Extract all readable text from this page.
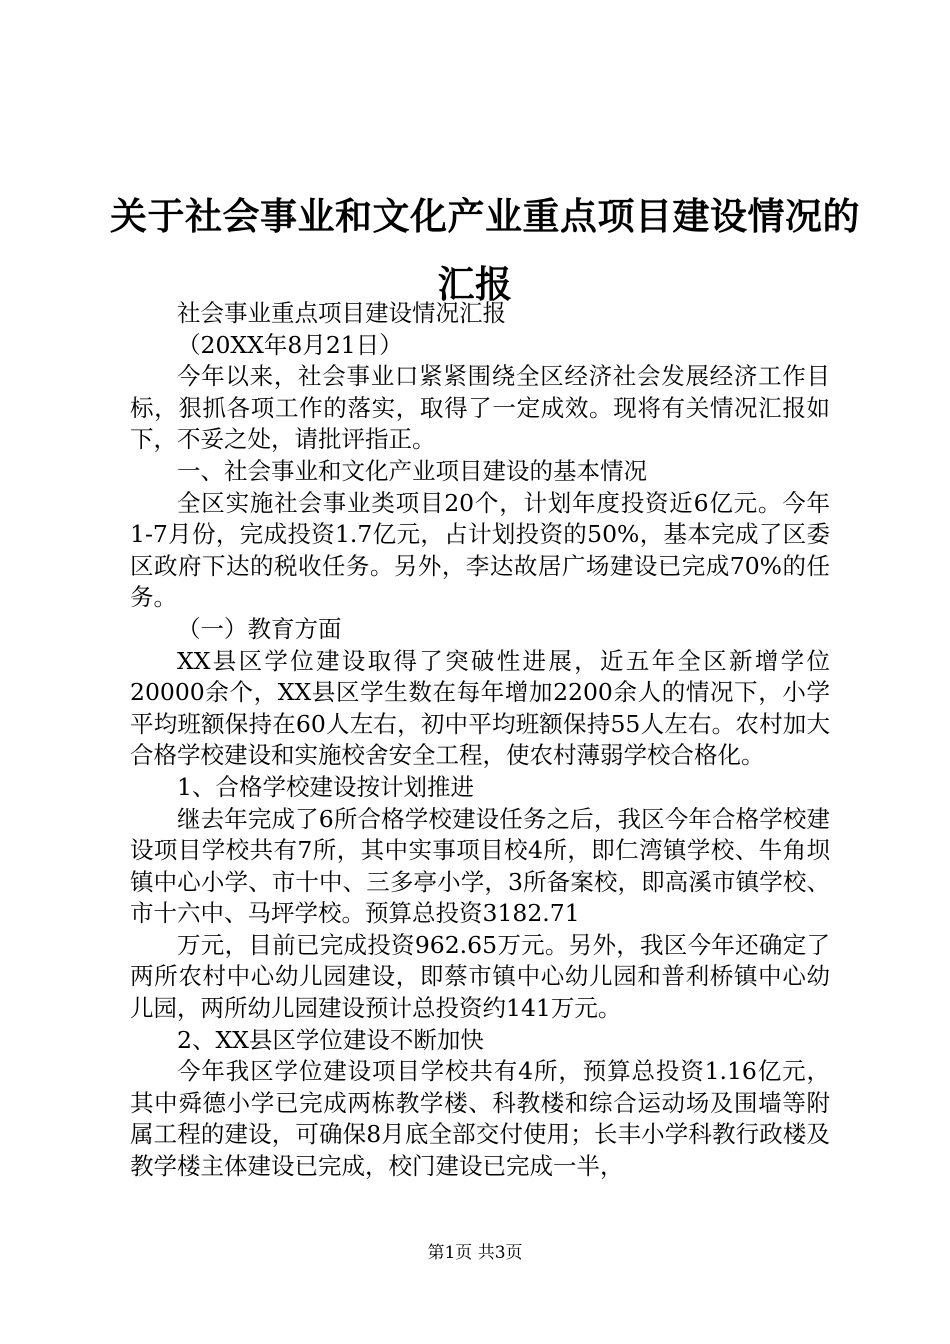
关于社会事业和文化产业重点项目建设情况的
汇报

社会事业重点项目建设情况汇报

（20XX年8月21日）

今年以来，社会事业口紧紧围绕全区经济社会发展经济工作目标，狠抓各项工作的落实，取得了一定成效。现将有关情况汇报如下，不妥之处，请批评指正。

一、社会事业和文化产业项目建设的基本情况

全区实施社会事业类项目20个，计划年度投资近6亿元。今年1-7月份，完成投资1.7亿元，占计划投资的50%，基本完成了区委区政府下达的税收任务。另外，李达故居广场建设已完成70%的任务。

（一）教育方面

XX县区学位建设取得了突破性进展，近五年全区新增学位20000余个，XX县区学生数在每年增加2200余人的情况下，小学平均班额保持在60人左右，初中平均班额保持55人左右。农村加大合格学校建设和实施校舍安全工程，使农村薄弱学校合格化。

1、合格学校建设按计划推进

继去年完成了6所合格学校建设任务之后，我区今年合格学校建设项目学校共有7所，其中实事项目校4所，即仁湾镇学校、牛角坝镇中心小学、市十中、三多亭小学，3所备案校，即高溪市镇学校、市十六中、马坪学校。预算总投资3182.71

万元，目前已完成投资962.65万元。另外，我区今年还确定了两所农村中心幼儿园建设，即蔡市镇中心幼儿园和普利桥镇中心幼儿园，两所幼儿园建设预计总投资约141万元。

2、XX县区学位建设不断加快

今年我区学位建设项目学校共有4所，预算总投资1.16亿元，其中舜德小学已完成两栋教学楼、科教楼和综合运动场及围墙等附属工程的建设，可确保8月底全部交付使用；长丰小学科教行政楼及教学楼主体建设已完成，校门建设已完成一半，

第1页 共3页
